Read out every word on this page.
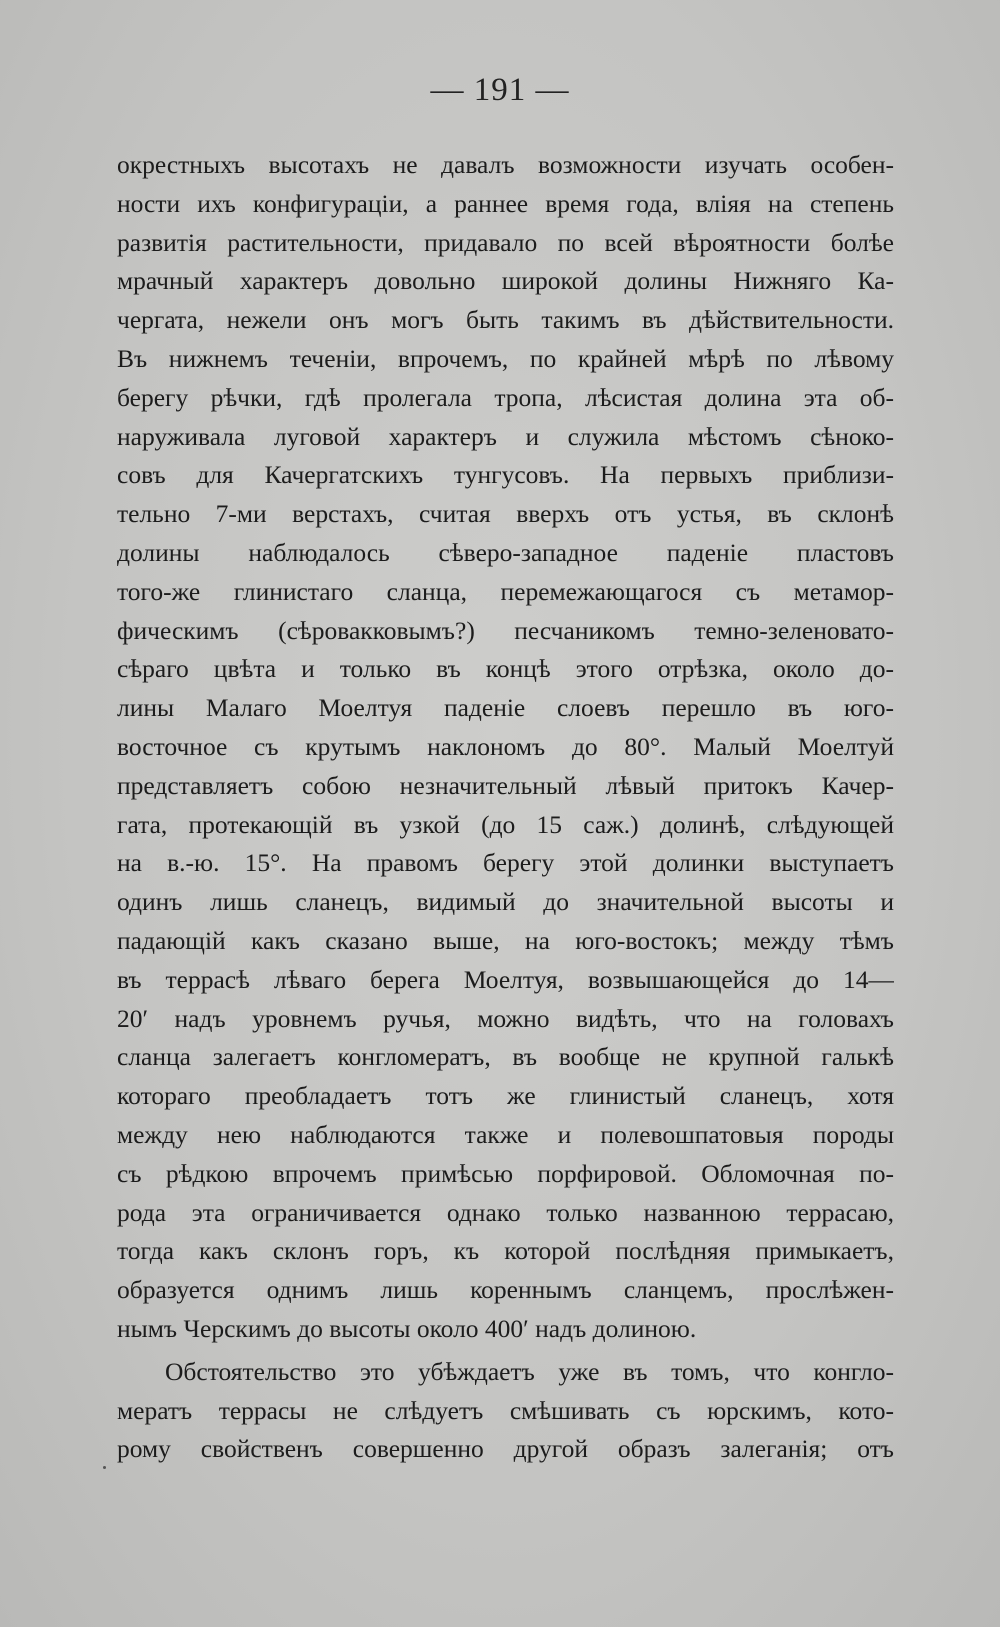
— 191 —
окрестныхъ высотахъ не давалъ возможности изучать особен-
ности ихъ конфигураціи, а раннее время года, вліяя на степень
развитія растительности, придавало по всей вѣроятности болѣе
мрачный характеръ довольно широкой долины Нижняго Ка-
чергата, нежели онъ могъ быть такимъ въ дѣйствительности.
Въ нижнемъ теченіи, впрочемъ, по крайней мѣрѣ по лѣвому
берегу рѣчки, гдѣ пролегала тропа, лѣсистая долина эта об-
наруживала луговой характеръ и служила мѣстомъ сѣноко-
совъ для Качергатскихъ тунгусовъ. На первыхъ приблизи-
тельно 7-ми верстахъ, считая вверхъ отъ устья, въ склонѣ
долины наблюдалось сѣверо-западное паденіе пластовъ
того-же глинистаго сланца, перемежающагося съ метамор-
фическимъ (сѣровакковымъ?) песчаникомъ темно-зеленовато-
сѣраго цвѣта и только въ концѣ этого отрѣзка, около до-
лины Малаго Моелтуя паденіе слоевъ перешло въ юго-
восточное съ крутымъ наклономъ до 80°. Малый Моелтуй
представляетъ собою незначительный лѣвый притокъ Качер-
гата, протекающій въ узкой (до 15 саж.) долинѣ, слѣдующей
на в.-ю. 15°. На правомъ берегу этой долинки выступаетъ
одинъ лишь сланецъ, видимый до значительной высоты и
падающій какъ сказано выше, на юго-востокъ; между тѣмъ
въ террасѣ лѣваго берега Моелтуя, возвышающейся до 14—
20′ надъ уровнемъ ручья, можно видѣть, что на головахъ
сланца залегаетъ конгломератъ, въ вообще не крупной галькѣ
котораго преобладаетъ тотъ же глинистый сланецъ, хотя
между нею наблюдаются также и полевошпатовыя породы
съ рѣдкою впрочемъ примѣсью порфировой. Обломочная по-
рода эта ограничивается однако только названною террасаю,
тогда какъ склонъ горъ, къ которой послѣдняя примыкаетъ,
образуется однимъ лишь кореннымъ сланцемъ, прослѣжен-
нымъ Черскимъ до высоты около 400′ надъ долиною.
Обстоятельство это убѣждаетъ уже въ томъ, что конгло-
мератъ террасы не слѣдуетъ смѣшивать съ юрскимъ, кото-
рому свойственъ совершенно другой образъ залеганія; отъ
